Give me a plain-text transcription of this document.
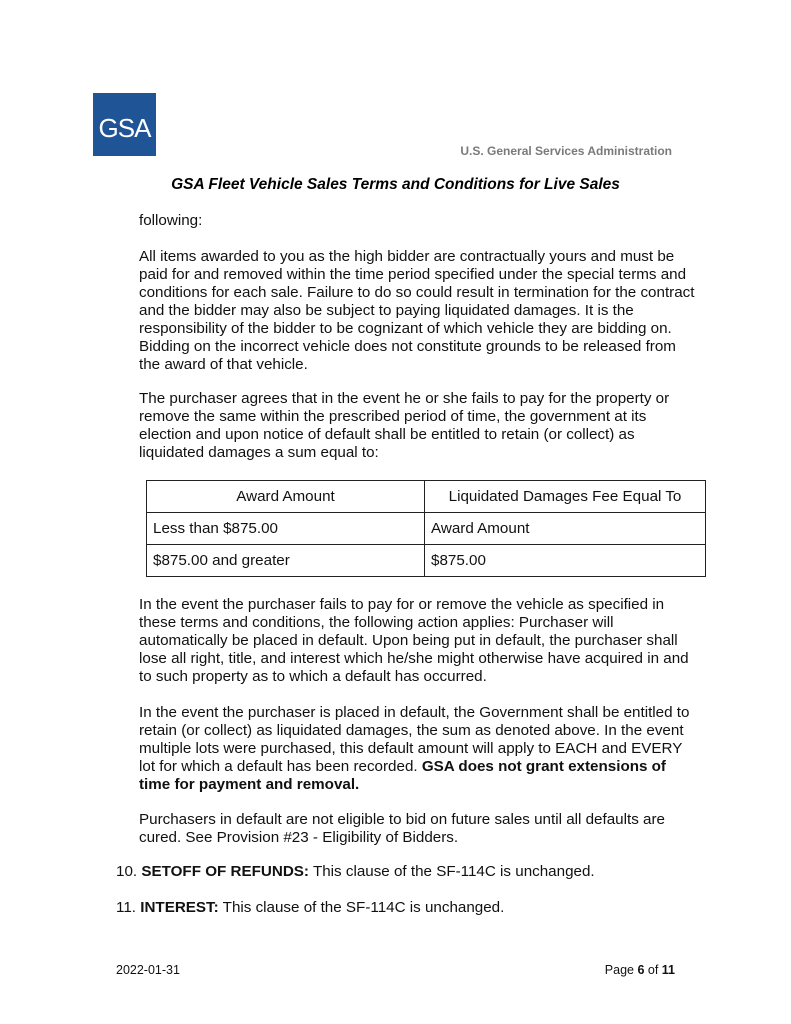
GSA
U.S. General Services Administration
GSA Fleet Vehicle Sales Terms and Conditions for Live Sales

following:

All items awarded to you as the high bidder are contractually yours and must be paid for and removed within the time period specified under the special terms and conditions for each sale. Failure to do so could result in termination for the contract and the bidder may also be subject to paying liquidated damages. It is the responsibility of the bidder to be cognizant of which vehicle they are bidding on. Bidding on the incorrect vehicle does not constitute grounds to be released from the award of that vehicle.

The purchaser agrees that in the event he or she fails to pay for the property or remove the same within the prescribed period of time, the government at its election and upon notice of default shall be entitled to retain (or collect) as liquidated damages a sum equal to:

Award Amount	Liquidated Damages Fee Equal To
Less than $875.00	Award Amount
$875.00 and greater	$875.00

In the event the purchaser fails to pay for or remove the vehicle as specified in these terms and conditions, the following action applies: Purchaser will automatically be placed in default. Upon being put in default, the purchaser shall lose all right, title, and interest which he/she might otherwise have acquired in and to such property as to which a default has occurred.

In the event the purchaser is placed in default, the Government shall be entitled to retain (or collect) as liquidated damages, the sum as denoted above. In the event multiple lots were purchased, this default amount will apply to EACH and EVERY lot for which a default has been recorded. GSA does not grant extensions of time for payment and removal.

Purchasers in default are not eligible to bid on future sales until all defaults are cured. See Provision #23 - Eligibility of Bidders.

10. SETOFF OF REFUNDS: This clause of the SF-114C is unchanged.
11. INTEREST: This clause of the SF-114C is unchanged.
2022-01-31	Page 6 of 11
